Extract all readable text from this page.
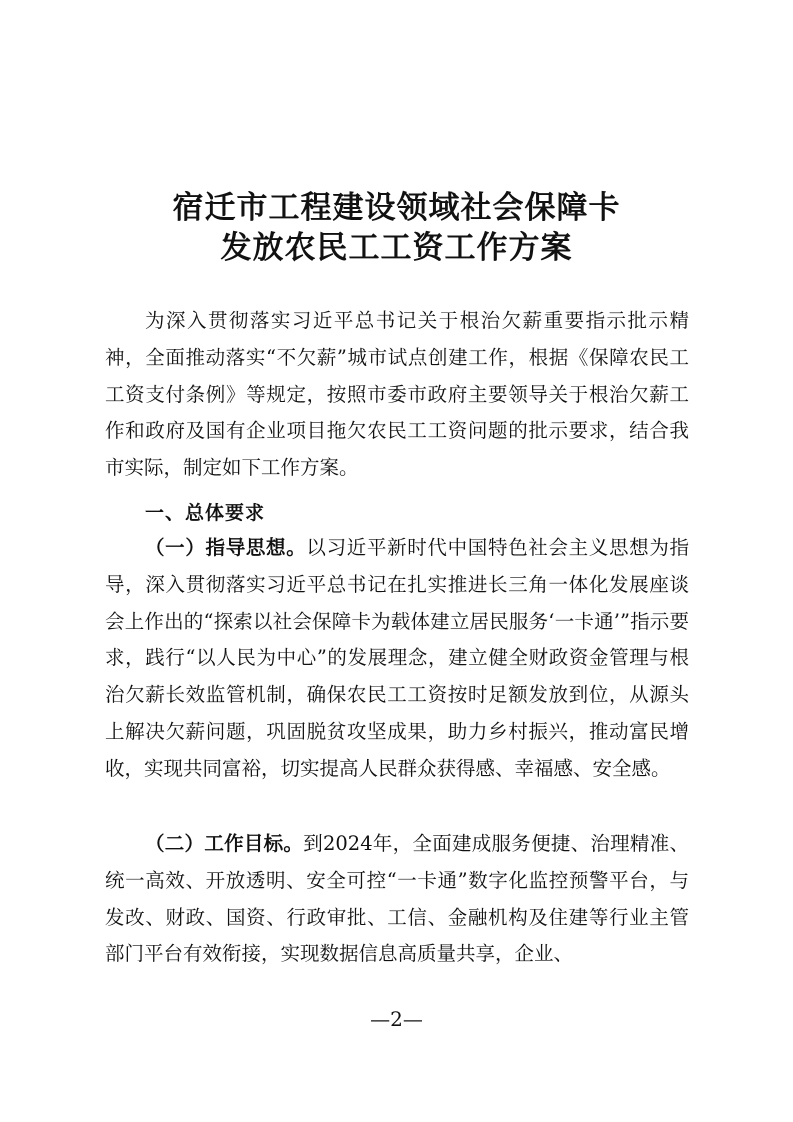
宿迁市工程建设领域社会保障卡
发放农民工工资工作方案

为深入贯彻落实习近平总书记关于根治欠薪重要指示批示精神，全面推动落实“不欠薪”城市试点创建工作，根据《保障农民工工资支付条例》等规定，按照市委市政府主要领导关于根治欠薪工作和政府及国有企业项目拖欠农民工工资问题的批示要求，结合我市实际，制定如下工作方案。

一、总体要求

（一）指导思想。以习近平新时代中国特色社会主义思想为指导，深入贯彻落实习近平总书记在扎实推进长三角一体化发展座谈会上作出的“探索以社会保障卡为载体建立居民服务‘一卡通’”指示要求，践行“以人民为中心”的发展理念，建立健全财政资金管理与根治欠薪长效监管机制，确保农民工工资按时足额发放到位，从源头上解决欠薪问题，巩固脱贫攻坚成果，助力乡村振兴，推动富民增收，实现共同富裕，切实提高人民群众获得感、幸福感、安全感。

（二）工作目标。到2024年，全面建成服务便捷、治理精准、统一高效、开放透明、安全可控“一卡通”数字化监控预警平台，与发改、财政、国资、行政审批、工信、金融机构及住建等行业主管部门平台有效衔接，实现数据信息高质量共享，企业、

—2—
